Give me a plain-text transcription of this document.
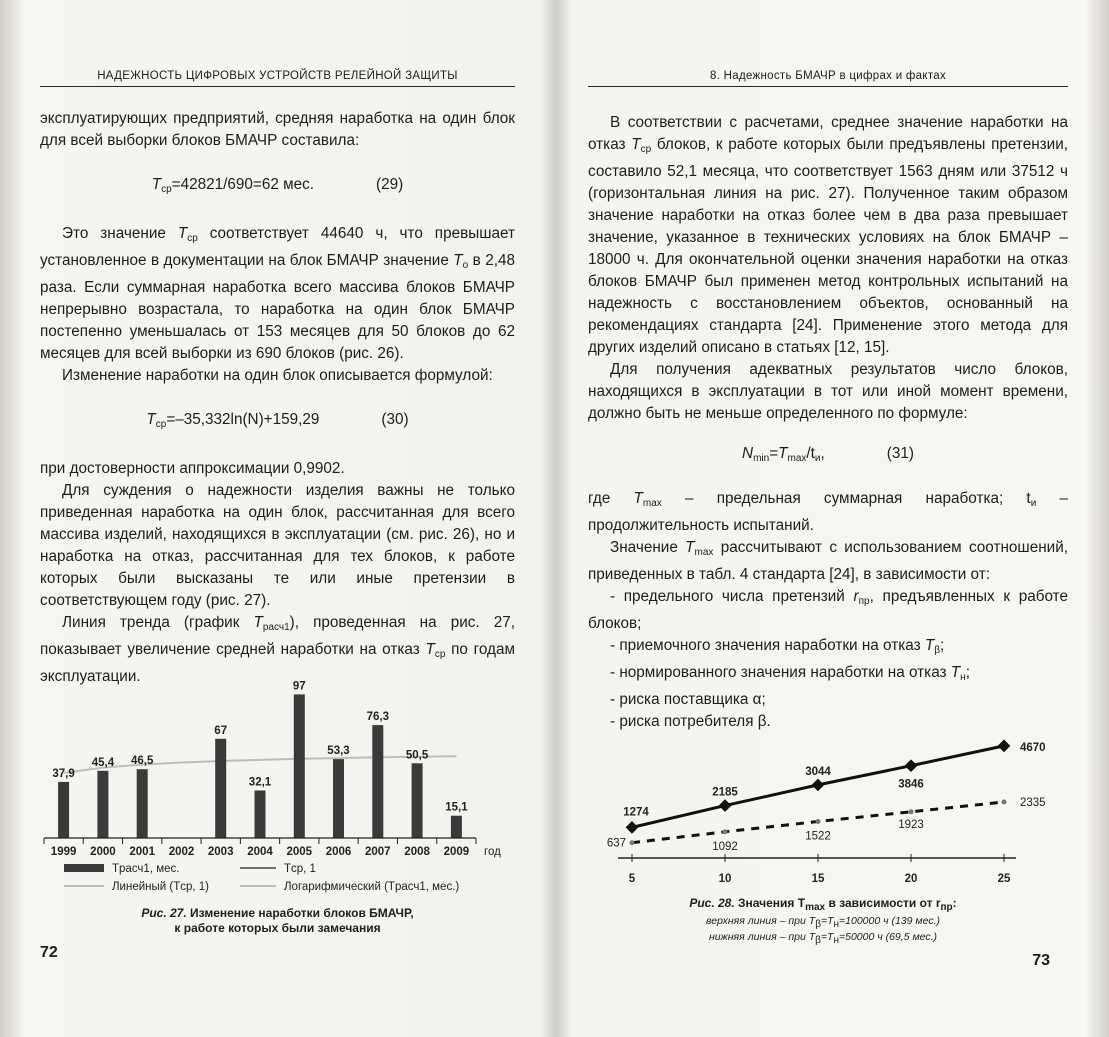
НАДЕЖНОСТЬ ЦИФРОВЫХ УСТРОЙСТВ РЕЛЕЙНОЙ ЗАЩИТЫ

эксплуатирующих предприятий, средняя наработка на один блок для всей выборки блоков БМАЧР составила:

$T_{ср}=42821/690=62$ мес.	(29)

Это значение $T_{ср}$ соответствует 44640 ч, что превышает установленное в документации на блок БМАЧР значение $T_о$ в 2,48 раза. Если суммарная наработка всего массива блоков БМАЧР непрерывно возрастала, то наработка на один блок БМАЧР постепенно уменьшалась от 153 месяцев для 50 блоков до 62 месяцев для всей выборки из 690 блоков (рис. 26).

Изменение наработки на один блок описывается формулой:

$T_{ср}=-35,332\ln(N)+159,29$	(30)

при достоверности аппроксимации 0,9902.

Для суждения о надежности изделия важны не только приведенная наработка на один блок, рассчитанная для всего массива изделий, находящихся в эксплуатации (см. рис. 26), но и наработка на отказ, рассчитанная для тех блоков, к работе которых были высказаны те или иные претензии в соответствующем году (рис. 27).

Линия тренда (график $T_{расч1}$), проведенная на рис. 27, показывает увеличение средней наработки на отказ $T_{ср}$ по годам эксплуатации.

37,9
45,4 46,5
67
32,1
97
53,3
76,3
50,5
15,1
1999 2000 2001 2002 2003 2004 2005 2006 2007 2008 2009 год
Tрасч1, мес.	Tср, 1
Линейный (Tср, 1)	Логарифмический (Tрасч1, мес.)
Рис. 27. Изменение наработки блоков БМАЧР,
к работе которых были замечания
72
8. Надежность БМАЧР в цифрах и фактах

В соответствии с расчетами, среднее значение наработки на отказ $T_{ср}$ блоков, к работе которых были предъявлены претензии, составило 52,1 месяца, что соответствует 1563 дням или 37512 ч (горизонтальная линия на рис. 27). Полученное таким образом значение наработки на отказ более чем в два раза превышает значение, указанное в технических условиях на блок БМАЧР – 18000 ч. Для окончательной оценки значения наработки на отказ блоков БМАЧР был применен метод контрольных испытаний на надежность с восстановлением объектов, основанный на рекомендациях стандарта [24]. Применение этого метода для других изделий описано в статьях [12, 15].

Для получения адекватных результатов число блоков, находящихся в эксплуатации в тот или иной момент времени, должно быть не меньше определенного по формуле:

$N_{min}=T_{max}/t_и$,	(31)

где $T_{max}$ – предельная суммарная наработка; $t_и$ – продолжительность испытаний.

Значение $T_{max}$ рассчитывают с использованием соотношений, приведенных в табл. 4 стандарта [24], в зависимости от:

- предельного числа претензий $r_{пр}$, предъявленных к работе блоков;

- приемочного значения наработки на отказ $T_\beta$;

- нормированного значения наработки на отказ $T_н$;

- риска поставщика α;

- риска потребителя β.

5	10	15	20	25
1274
2185
3044
3846
4670
637	1092
1522
1923
2335
Рис. 28. Значения $T_{max}$ в зависимости от $r_{пр}$:
верхняя линия – при Tβ=Tн=100000 ч (139 мес.)
нижняя линия – при Tβ=Tн=50000 ч (69,5 мес.)
73
